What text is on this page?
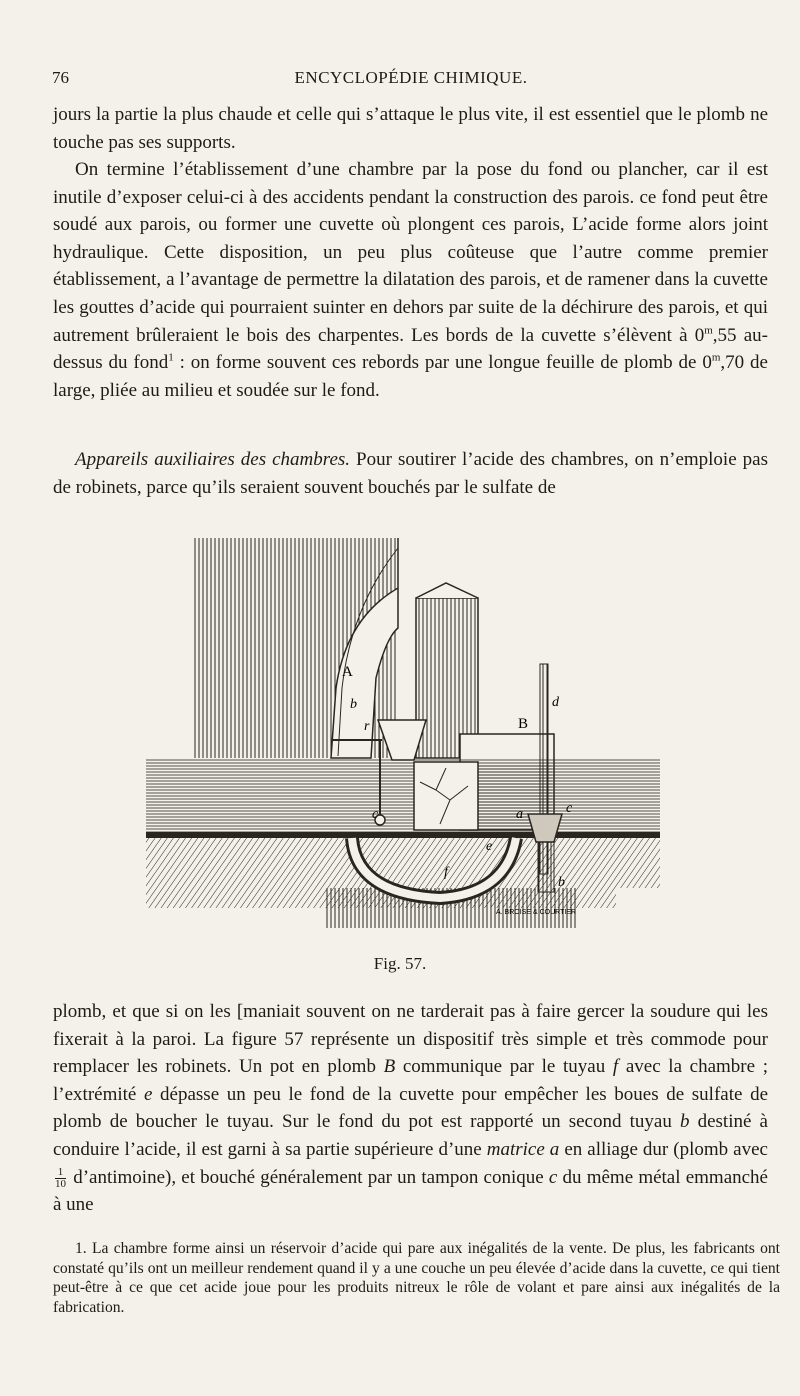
76	ENCYCLOPÉDIE CHIMIQUE.

jours la partie la plus chaude et celle qui s’attaque le plus vite, il est essentiel que le plomb ne touche pas ses supports.

On termine l’établissement d’une chambre par la pose du fond ou plancher, car il est inutile d’exposer celui-ci à des accidents pendant la construction des parois. ce fond peut être soudé aux parois, ou former une cuvette où plongent ces parois, L’acide forme alors joint hydraulique. Cette disposition, un peu plus coûteuse que l’autre comme premier établissement, a l’avantage de permettre la dilatation des parois, et de ramener dans la cuvette les gouttes d’acide qui pourraient suinter en dehors par suite de la déchirure des parois, et qui autrement brûleraient le bois des charpentes. Les bords de la cuvette s’élèvent à 0$^m$,55 au-dessus du fond$^1$ : on forme souvent ces rebords par une longue feuille de plomb de 0$^m$,70 de large, pliée au milieu et soudée sur le fond.

Appareils auxiliaires des chambres. Pour soutirer l’acide des chambres, on n’emploie pas de robinets, parce qu’ils seraient souvent bouchés par le sulfate de

A
b
r
d
B
c
a
e
f
b
c
A. BROISE & COURTIER
Fig. 57.

plomb, et que si on les [maniait souvent on ne tarderait pas à faire gercer la soudure qui les fixerait à la paroi. La figure 57 représente un dispositif très simple et très commode pour remplacer les robinets. Un pot en plomb B communique par le tuyau f avec la chambre ; l’extrémité e dépasse un peu le fond de la cuvette pour empêcher les boues de sulfate de plomb de boucher le tuyau. Sur le fond du pot est rapporté un second tuyau b destiné à conduire l’acide, il est garni à sa partie supérieure d’une matrice a en alliage dur (plomb avec
$\frac{1}{10}$ d’antimoine), et bouché généralement par un tampon conique c du même métal emmanché à une

1. La chambre forme ainsi un réservoir d’acide qui pare aux inégalités de la vente. De plus, les fabricants ont constaté qu’ils ont un meilleur rendement quand il y a une couche un peu élevée d’acide dans la cuvette, ce qui tient peut-être à ce que cet acide joue pour les produits nitreux le rôle de volant et pare ainsi aux inégalités de la fabrication.
